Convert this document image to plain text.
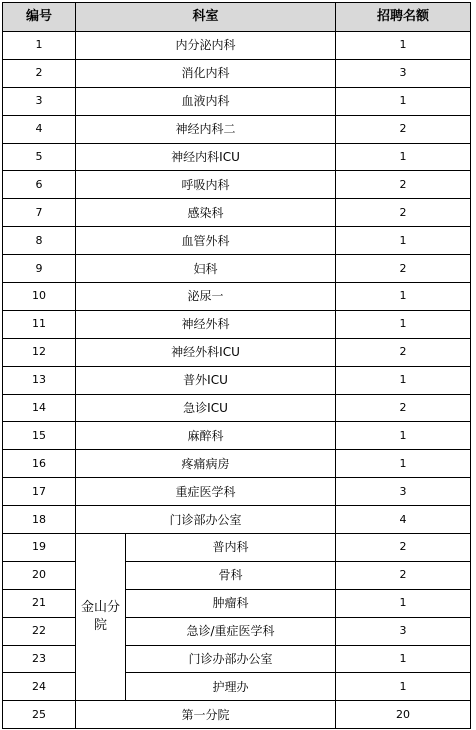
编号	科室		招聘名额
1	内分泌内科		1
2	消化内科		3
3	血液内科		1
4	神经内科二		2
5	神经内科ICU		1
6	呼吸内科		2
7	感染科		2
8	血管外科		1
9	妇科		2
10	泌尿一		1
11	神经外科		1
12	神经外科ICU		2
13	普外ICU		1
14	急诊ICU		2
15	麻醉科		1
16	疼痛病房		1
17	重症医学科		3
18	门诊部办公室		4
19	金山分院	普内科	2
20		骨科	2
21		肿瘤科	1
22		急诊/重症医学科	3
23		门诊办部办公室	1
24		护理办	1
25	第一分院		20
